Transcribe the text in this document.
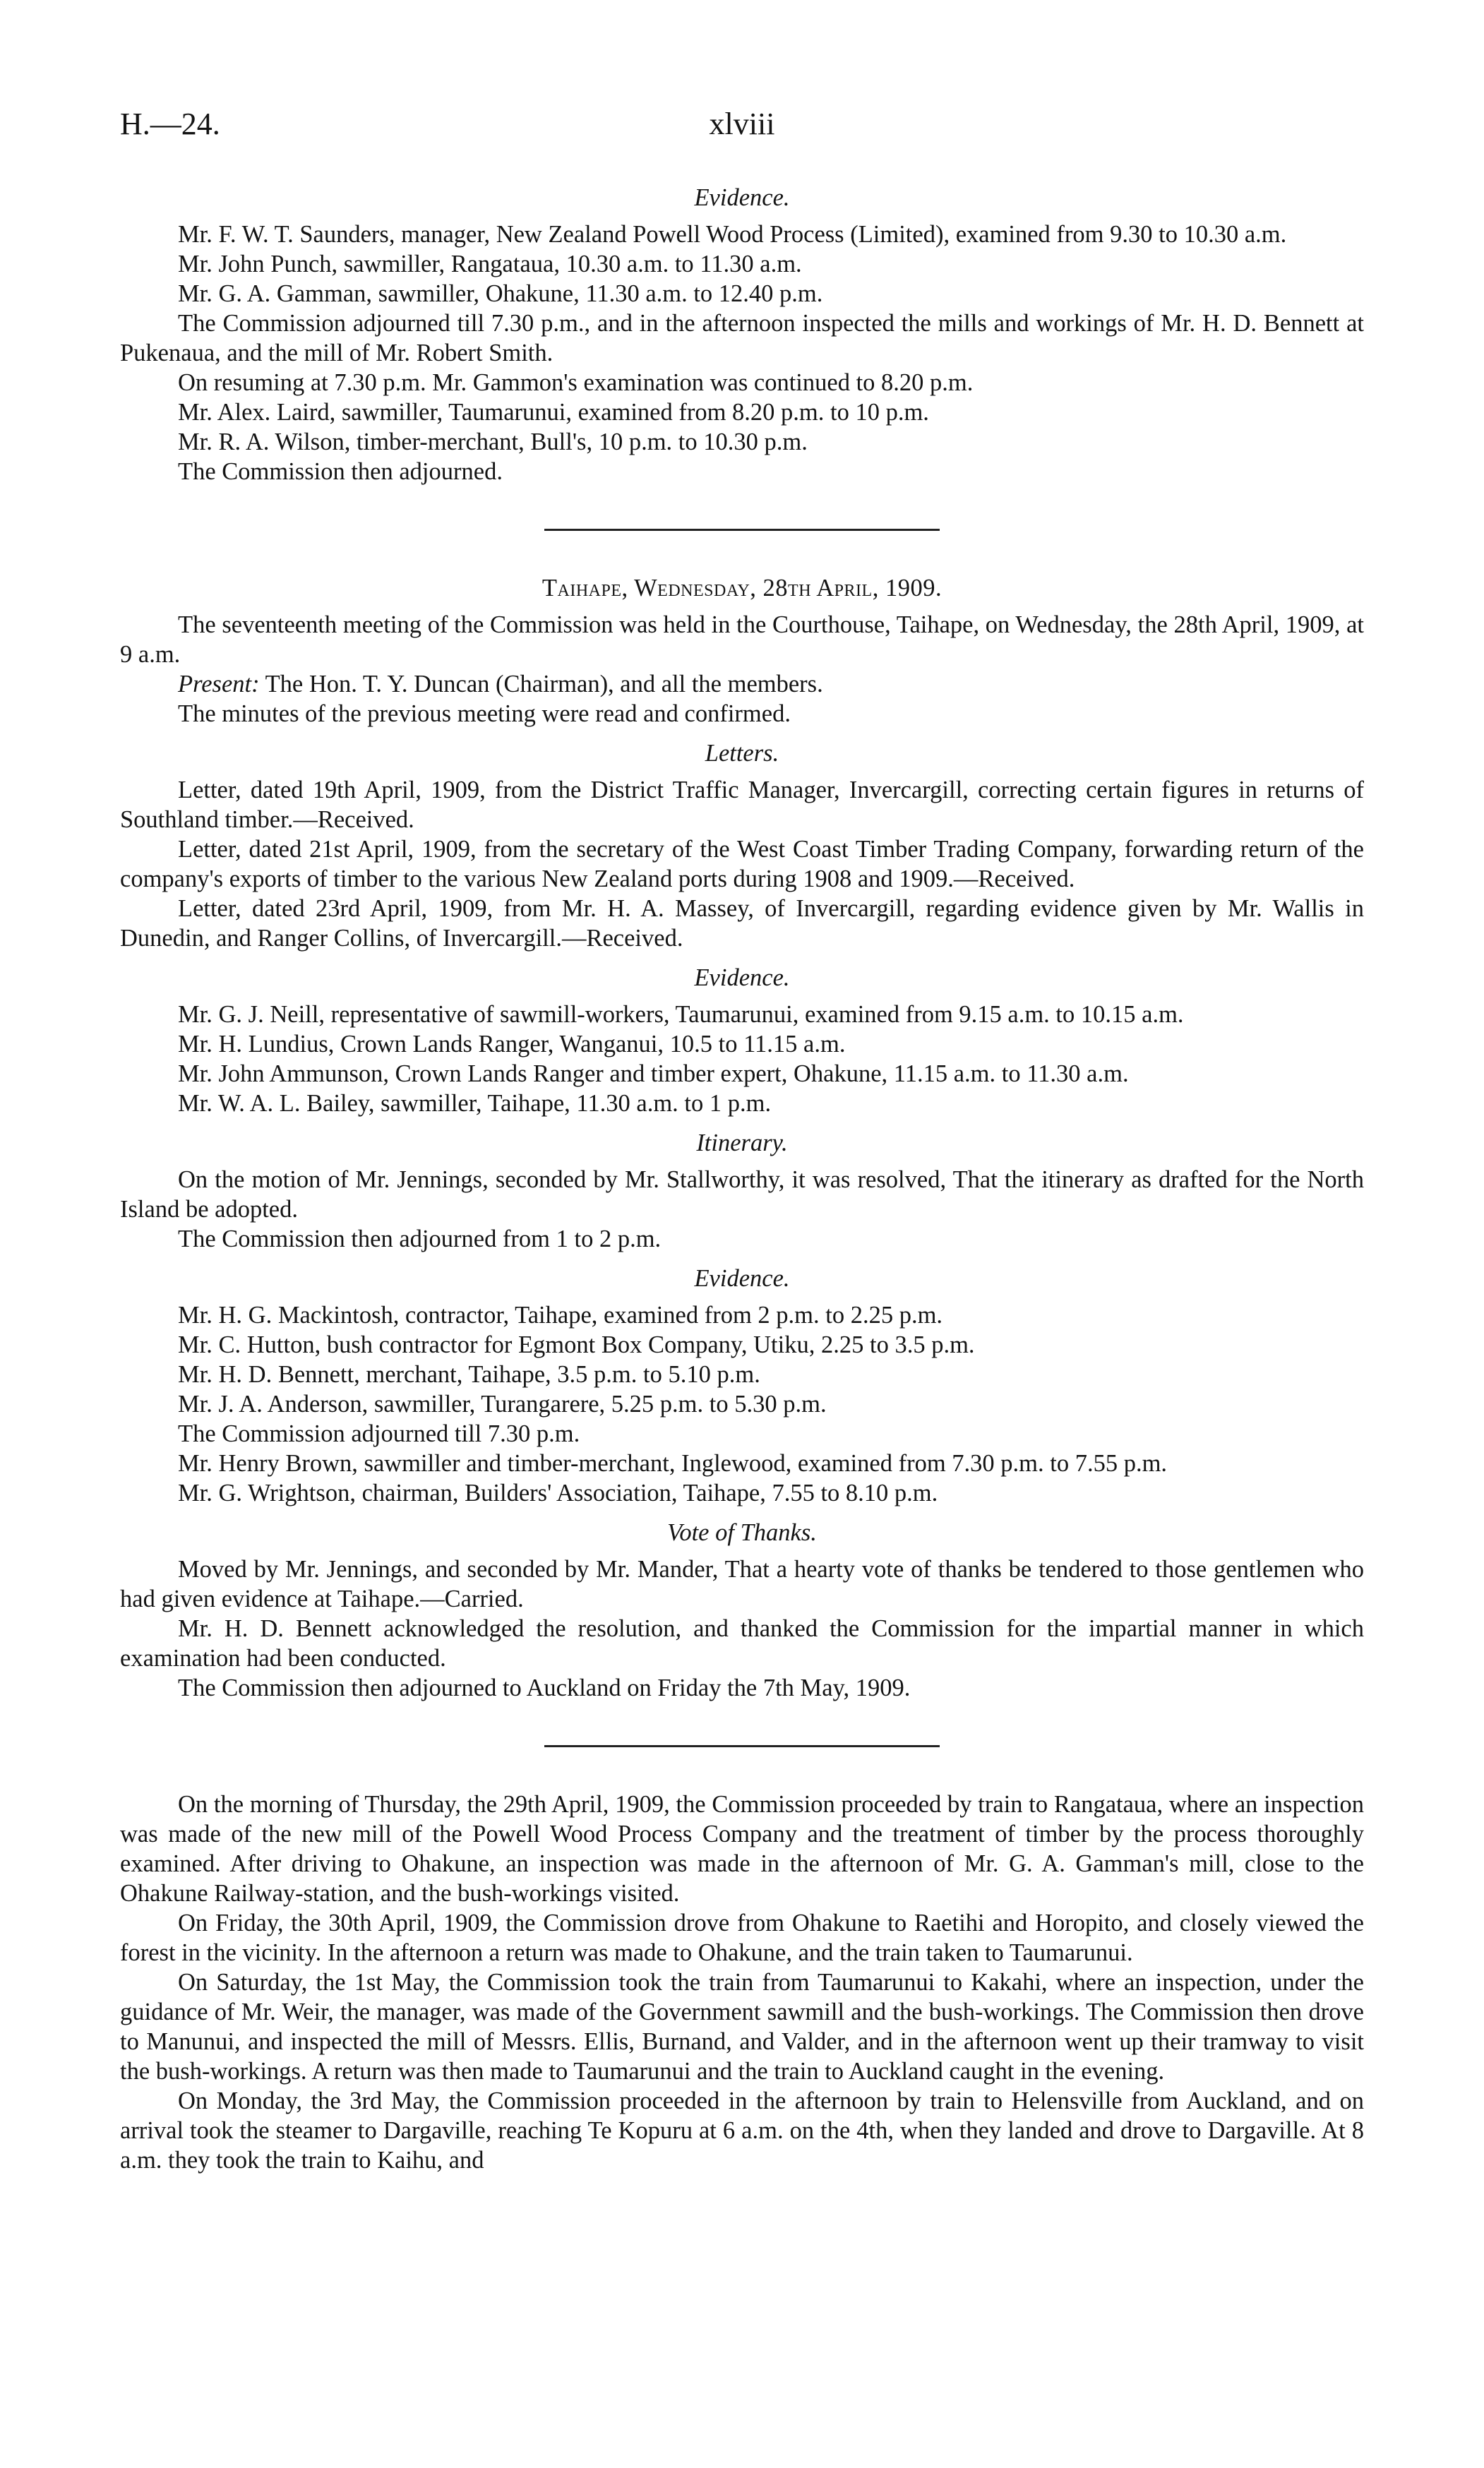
H.—24.	xlviii
Evidence.

Mr. F. W. T. Saunders, manager, New Zealand Powell Wood Process (Limited), examined from 9.30 to 10.30 a.m.

Mr. John Punch, sawmiller, Rangataua, 10.30 a.m. to 11.30 a.m.

Mr. G. A. Gamman, sawmiller, Ohakune, 11.30 a.m. to 12.40 p.m.

The Commission adjourned till 7.30 p.m., and in the afternoon inspected the mills and workings of Mr. H. D. Bennett at Pukenaua, and the mill of Mr. Robert Smith.

On resuming at 7.30 p.m. Mr. Gammon's examination was continued to 8.20 p.m.

Mr. Alex. Laird, sawmiller, Taumarunui, examined from 8.20 p.m. to 10 p.m.

Mr. R. A. Wilson, timber-merchant, Bull's, 10 p.m. to 10.30 p.m.

The Commission then adjourned.

Taihape, Wednesday, 28th April, 1909.

The seventeenth meeting of the Commission was held in the Courthouse, Taihape, on Wednesday, the 28th April, 1909, at 9 a.m.

Present: The Hon. T. Y. Duncan (Chairman), and all the members.

The minutes of the previous meeting were read and confirmed.

Letters.

Letter, dated 19th April, 1909, from the District Traffic Manager, Invercargill, correcting certain figures in returns of Southland timber.—Received.

Letter, dated 21st April, 1909, from the secretary of the West Coast Timber Trading Company, forwarding return of the company's exports of timber to the various New Zealand ports during 1908 and 1909.—Received.

Letter, dated 23rd April, 1909, from Mr. H. A. Massey, of Invercargill, regarding evidence given by Mr. Wallis in Dunedin, and Ranger Collins, of Invercargill.—Received.

Evidence.

Mr. G. J. Neill, representative of sawmill-workers, Taumarunui, examined from 9.15 a.m. to 10.15 a.m.

Mr. H. Lundius, Crown Lands Ranger, Wanganui, 10.5 to 11.15 a.m.

Mr. John Ammunson, Crown Lands Ranger and timber expert, Ohakune, 11.15 a.m. to 11.30 a.m.

Mr. W. A. L. Bailey, sawmiller, Taihape, 11.30 a.m. to 1 p.m.

Itinerary.

On the motion of Mr. Jennings, seconded by Mr. Stallworthy, it was resolved, That the itinerary as drafted for the North Island be adopted.

The Commission then adjourned from 1 to 2 p.m.

Evidence.

Mr. H. G. Mackintosh, contractor, Taihape, examined from 2 p.m. to 2.25 p.m.

Mr. C. Hutton, bush contractor for Egmont Box Company, Utiku, 2.25 to 3.5 p.m.

Mr. H. D. Bennett, merchant, Taihape, 3.5 p.m. to 5.10 p.m.

Mr. J. A. Anderson, sawmiller, Turangarere, 5.25 p.m. to 5.30 p.m.

The Commission adjourned till 7.30 p.m.

Mr. Henry Brown, sawmiller and timber-merchant, Inglewood, examined from 7.30 p.m. to 7.55 p.m.

Mr. G. Wrightson, chairman, Builders' Association, Taihape, 7.55 to 8.10 p.m.

Vote of Thanks.

Moved by Mr. Jennings, and seconded by Mr. Mander, That a hearty vote of thanks be tendered to those gentlemen who had given evidence at Taihape.—Carried.

Mr. H. D. Bennett acknowledged the resolution, and thanked the Commission for the impartial manner in which examination had been conducted.

The Commission then adjourned to Auckland on Friday the 7th May, 1909.

On the morning of Thursday, the 29th April, 1909, the Commission proceeded by train to Rangataua, where an inspection was made of the new mill of the Powell Wood Process Company and the treatment of timber by the process thoroughly examined. After driving to Ohakune, an inspection was made in the afternoon of Mr. G. A. Gamman's mill, close to the Ohakune Railway-station, and the bush-workings visited.

On Friday, the 30th April, 1909, the Commission drove from Ohakune to Raetihi and Horopito, and closely viewed the forest in the vicinity. In the afternoon a return was made to Ohakune, and the train taken to Taumarunui.

On Saturday, the 1st May, the Commission took the train from Taumarunui to Kakahi, where an inspection, under the guidance of Mr. Weir, the manager, was made of the Government sawmill and the bush-workings. The Commission then drove to Manunui, and inspected the mill of Messrs. Ellis, Burnand, and Valder, and in the afternoon went up their tramway to visit the bush-workings. A return was then made to Taumarunui and the train to Auckland caught in the evening.

On Monday, the 3rd May, the Commission proceeded in the afternoon by train to Helensville from Auckland, and on arrival took the steamer to Dargaville, reaching Te Kopuru at 6 a.m. on the 4th, when they landed and drove to Dargaville. At 8 a.m. they took the train to Kaihu, and
